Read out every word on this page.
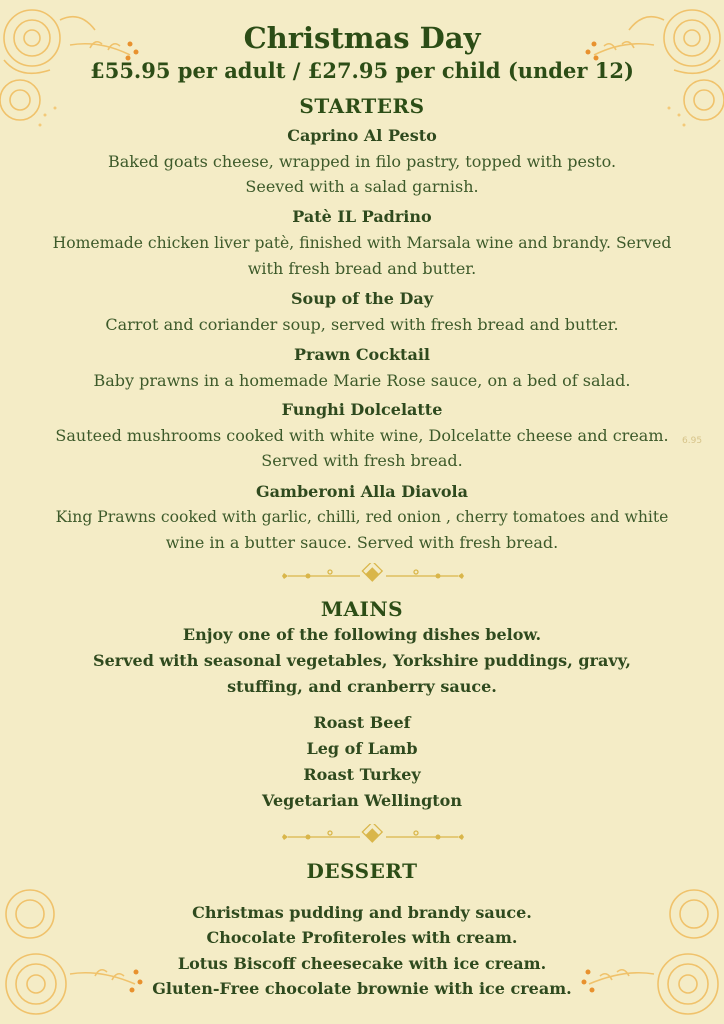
Christmas Day
£55.95 per adult / £27.95 per child (under 12)
STARTERS
Caprino Al Pesto
Baked goats cheese, wrapped in filo pastry, topped with pesto.
Seeved with a salad garnish.
Patè IL Padrino
Homemade chicken liver patè, finished with Marsala wine and brandy. Served
with fresh bread and butter.
Soup of the Day
Carrot and coriander soup, served with fresh bread and butter.
Prawn Cocktail
Baby prawns in a homemade Marie Rose sauce, on a bed of salad.
Funghi Dolcelatte
Sauteed mushrooms cooked with white wine, Dolcelatte cheese and cream.
Served with fresh bread.
6.95
Gamberoni Alla Diavola
King Prawns cooked with garlic, chilli, red onion , cherry tomatoes and white
wine in a butter sauce. Served with fresh bread.
MAINS
Enjoy one of the following dishes below.
Served with seasonal vegetables, Yorkshire puddings, gravy,
stuffing, and cranberry sauce.
Roast Beef
Leg of Lamb
Roast Turkey
Vegetarian Wellington
DESSERT
Christmas pudding and brandy sauce.
Chocolate Profiteroles with cream.
Lotus Biscoff cheesecake with ice cream.
Gluten-Free chocolate brownie with ice cream.
